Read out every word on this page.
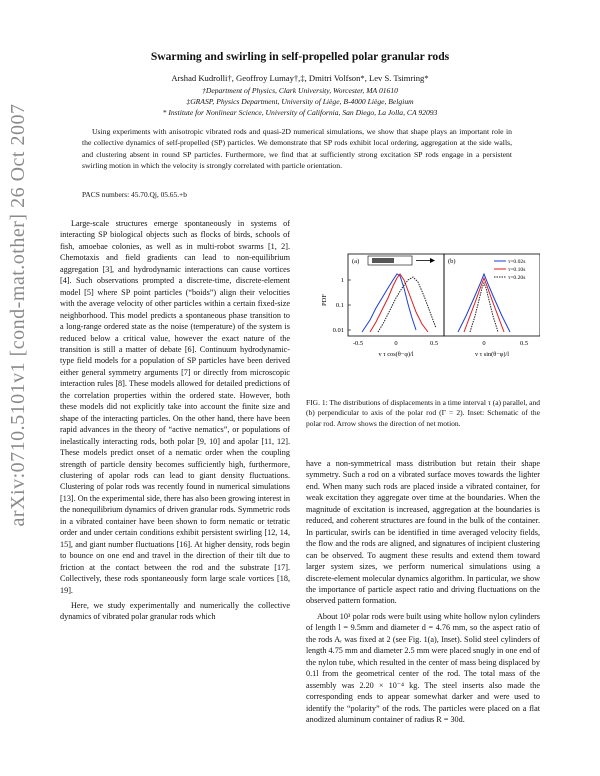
arXiv:0710.5101v1 [cond-mat.other] 26 Oct 2007
Swarming and swirling in self-propelled polar granular rods
Arshad Kudrolli†, Geoffroy Lumay†,‡, Dmitri Volfson*, Lev S. Tsimring*
†Department of Physics, Clark University, Worcester, MA 01610
‡GRASP, Physics Department, University of Liège, B-4000 Liège, Belgium
* Institute for Nonlinear Science, University of California, San Diego, La Jolla, CA 92093
Using experiments with anisotropic vibrated rods and quasi-2D numerical simulations, we show that shape plays an important role in the collective dynamics of self-propelled (SP) particles. We demonstrate that SP rods exhibit local ordering, aggregation at the side walls, and clustering absent in round SP particles. Furthermore, we find that at sufficiently strong excitation SP rods engage in a persistent swirling motion in which the velocity is strongly correlated with particle orientation.
PACS numbers: 45.70.Qj, 05.65.+b

Large-scale structures emerge spontaneously in systems of interacting SP biological objects such as flocks of birds, schools of fish, amoebae colonies, as well as in multi-robot swarms [1, 2]. Chemotaxis and field gradients can lead to non-equilibrium aggregation [3], and hydrodynamic interactions can cause vortices [4]. Such observations prompted a discrete-time, discrete-element model [5] where SP point particles (“boids”) align their velocities with the average velocity of other particles within a certain fixed-size neighborhood. This model predicts a spontaneous phase transition to a long-range ordered state as the noise (temperature) of the system is reduced below a critical value, however the exact nature of the transition is still a matter of debate [6]. Continuum hydrodynamic-type field models for a population of SP particles have been derived either general symmetry arguments [7] or directly from microscopic interaction rules [8]. These models allowed for detailed predictions of the correlation properties within the ordered state. However, both these models did not explicitly take into account the finite size and shape of the interacting particles. On the other hand, there have been rapid advances in the theory of “active nematics”, or populations of inelastically interacting rods, both polar [9, 10] and apolar [11, 12]. These models predict onset of a nematic order when the coupling strength of particle density becomes sufficiently high, furthermore, clustering of apolar rods can lead to giant density fluctuations. Clustering of polar rods was recently found in numerical simulations [13]. On the experimental side, there has also been growing interest in the nonequilibrium dynamics of driven granular rods. Symmetric rods in a vibrated container have been shown to form nematic or tetratic order and under certain conditions exhibit persistent swirling [12, 14, 15], and giant number fluctuations [16]. At higher density, rods begin to bounce on one end and travel in the direction of their tilt due to friction at the contact between the rod and the substrate [17]. Collectively, these rods spontaneously form large scale vortices [18, 19].

Here, we study experimentally and numerically the collective dynamics of vibrated polar granular rods which

1
0.1
0.01
PDF
-0.5	0	0.5	0	0.5
v τ cos(θ−φ)/l	v τ sin(θ−φ)/l
(a)	(b)	τ=0.02s
τ=0.10s
τ=0.20s
FIG. 1: The distributions of displacements in a time interval τ (a) parallel, and (b) perpendicular to axis of the polar rod (Γ = 2). Inset: Schematic of the polar rod. Arrow shows the direction of net motion.

have a non-symmetrical mass distribution but retain their shape symmetry. Such a rod on a vibrated surface moves towards the lighter end. When many such rods are placed inside a vibrated container, for weak excitation they aggregate over time at the boundaries. When the magnitude of excitation is increased, aggregation at the boundaries is reduced, and coherent structures are found in the bulk of the container. In particular, swirls can be identified in time averaged velocity fields, the flow and the rods are aligned, and signatures of incipient clustering can be observed. To augment these results and extend them toward larger system sizes, we perform numerical simulations using a discrete-element molecular dynamics algorithm. In particular, we show the importance of particle aspect ratio and driving fluctuations on the observed pattern formation.

About 10³ polar rods were built using white hollow nylon cylinders of length l = 9.5mm and diameter d = 4.76 mm, so the aspect ratio of the rods Aᵣ was fixed at 2 (see Fig. 1(a), Inset). Solid steel cylinders of length 4.75 mm and diameter 2.5 mm were placed snugly in one end of the nylon tube, which resulted in the center of mass being displaced by 0.1l from the geometrical center of the rod. The total mass of the assembly was 2.20 × 10⁻⁴ kg. The steel inserts also made the corresponding ends to appear somewhat darker and were used to identify the “polarity” of the rods. The particles were placed on a flat anodized aluminum container of radius R = 30d.
